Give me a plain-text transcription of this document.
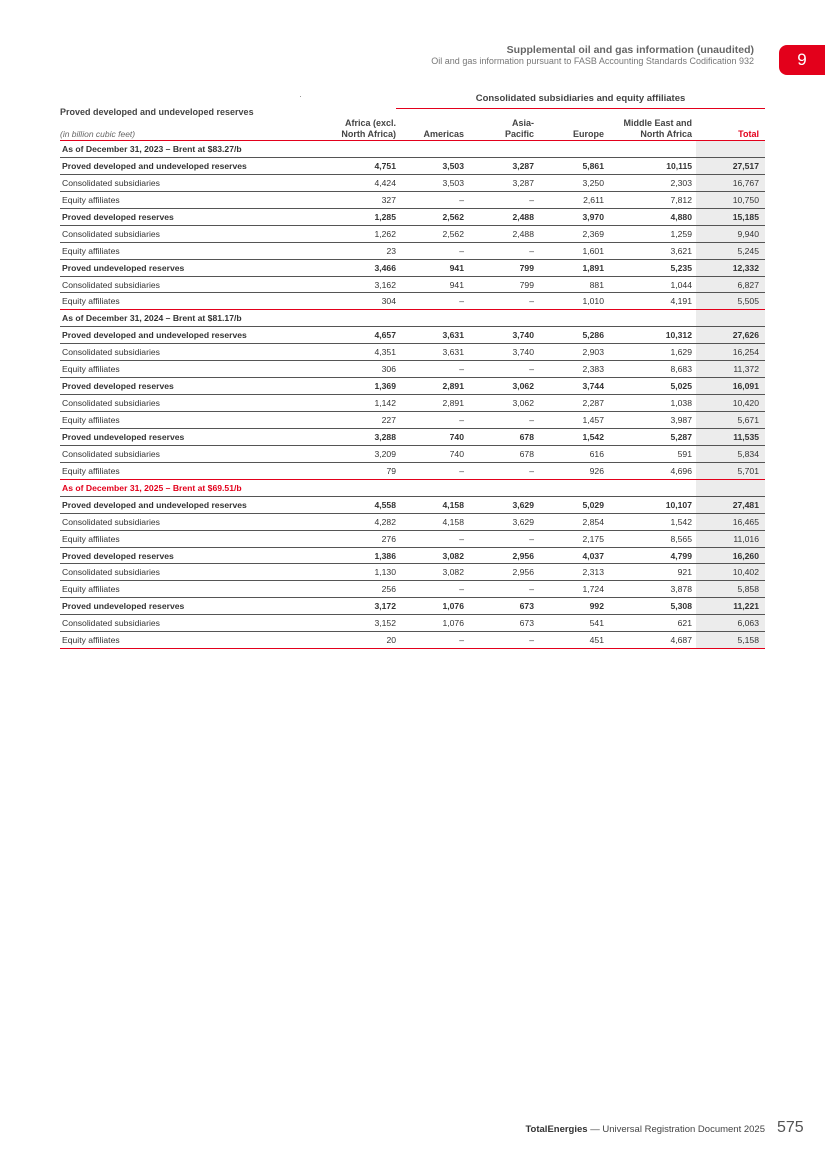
Supplemental oil and gas information (unaudited)
Oil and gas information pursuant to FASB Accounting Standards Codification 932	9
Consolidated subsidiaries and equity affiliates
Proved developed and undeveloped reserves

(in billion cubic feet)
Africa (excl.
North Africa)	Americas
Asia-
Pacific	Europe
Middle East and
North Africa	Total
As of December 31, 2023 – Brent at $83.27/b
Proved developed and undeveloped reserves	4,751	3,503	3,287	5,861	10,115	27,517
Consolidated subsidiaries	4,424	3,503	3,287	3,250	2,303	16,767
Equity affiliates	327	–	–	2,611	7,812	10,750
Proved developed reserves	1,285	2,562	2,488	3,970	4,880	15,185
Consolidated subsidiaries	1,262	2,562	2,488	2,369	1,259	9,940
Equity affiliates	23	–	–	1,601	3,621	5,245
Proved undeveloped reserves	3,466	941	799	1,891	5,235	12,332
Consolidated subsidiaries	3,162	941	799	881	1,044	6,827
Equity affiliates	304	–	–	1,010	4,191	5,505
As of December 31, 2024 – Brent at $81.17/b
Proved developed and undeveloped reserves	4,657	3,631	3,740	5,286	10,312	27,626
Consolidated subsidiaries	4,351	3,631	3,740	2,903	1,629	16,254
Equity affiliates	306	–	–	2,383	8,683	11,372
Proved developed reserves	1,369	2,891	3,062	3,744	5,025	16,091
Consolidated subsidiaries	1,142	2,891	3,062	2,287	1,038	10,420
Equity affiliates	227	–	–	1,457	3,987	5,671
Proved undeveloped reserves	3,288	740	678	1,542	5,287	11,535
Consolidated subsidiaries	3,209	740	678	616	591	5,834
Equity affiliates	79	–	–	926	4,696	5,701
As of December 31, 2025 – Brent at $69.51/b
Proved developed and undeveloped reserves	4,558	4,158	3,629	5,029	10,107	27,481
Consolidated subsidiaries	4,282	4,158	3,629	2,854	1,542	16,465
Equity affiliates	276	–	–	2,175	8,565	11,016
Proved developed reserves	1,386	3,082	2,956	4,037	4,799	16,260
Consolidated subsidiaries	1,130	3,082	2,956	2,313	921	10,402
Equity affiliates	256	–	–	1,724	3,878	5,858
Proved undeveloped reserves	3,172	1,076	673	992	5,308	11,221
Consolidated subsidiaries	3,152	1,076	673	541	621	6,063
Equity affiliates	20	–	–	451	4,687	5,158
TotalEnergies — Universal Registration Document 2025 575
